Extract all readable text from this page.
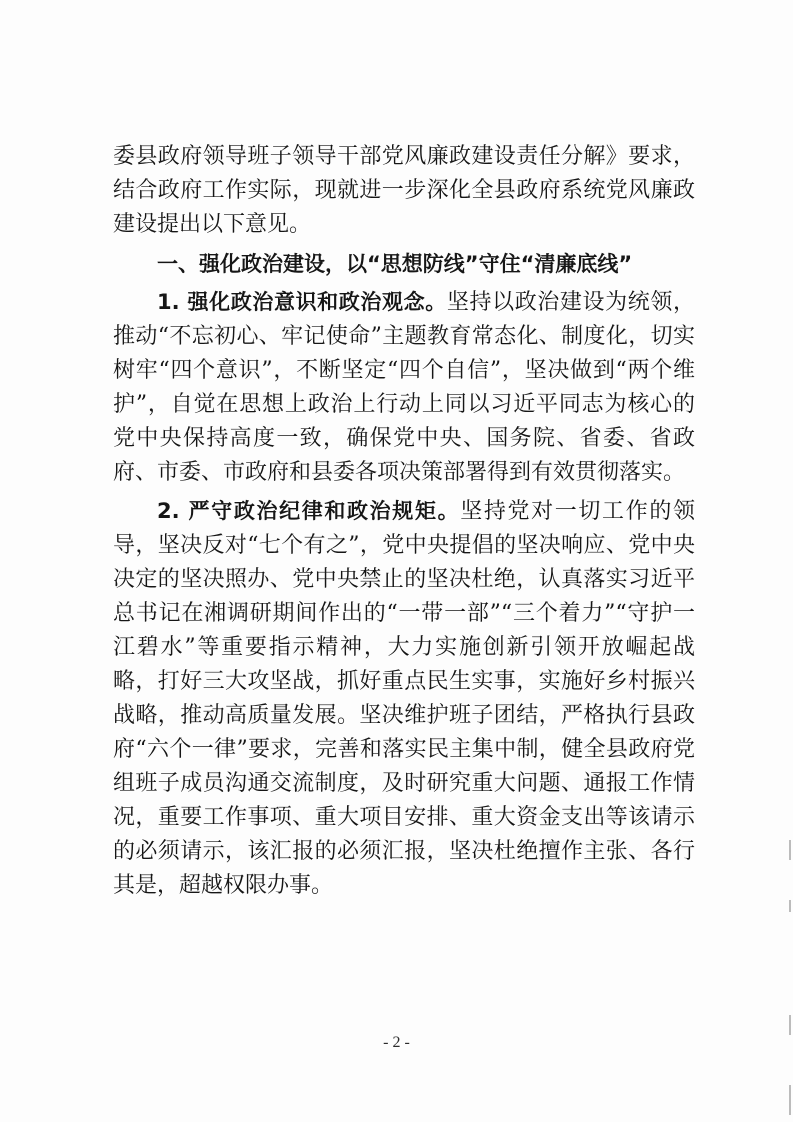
委县政府领导班子领导干部党风廉政建设责任分解》要求，结合政府工作实际，现就进一步深化全县政府系统党风廉政建设提出以下意见。

一、强化政治建设，以“思想防线”守住“清廉底线”

1. 强化政治意识和政治观念。坚持以政治建设为统领，推动“不忘初心、牢记使命”主题教育常态化、制度化，切实树牢“四个意识”，不断坚定“四个自信”，坚决做到“两个维护”，自觉在思想上政治上行动上同以习近平同志为核心的党中央保持高度一致，确保党中央、国务院、省委、省政府、市委、市政府和县委各项决策部署得到有效贯彻落实。

2. 严守政治纪律和政治规矩。坚持党对一切工作的领导，坚决反对“七个有之”，党中央提倡的坚决响应、党中央决定的坚决照办、党中央禁止的坚决杜绝，认真落实习近平总书记在湘调研期间作出的“一带一部”“三个着力”“守护一江碧水”等重要指示精神，大力实施创新引领开放崛起战略，打好三大攻坚战，抓好重点民生实事，实施好乡村振兴战略，推动高质量发展。坚决维护班子团结，严格执行县政府“六个一律”要求，完善和落实民主集中制，健全县政府党组班子成员沟通交流制度，及时研究重大问题、通报工作情况，重要工作事项、重大项目安排、重大资金支出等该请示的必须请示，该汇报的必须汇报，坚决杜绝擅作主张、各行其是，超越权限办事。

- 2 -
